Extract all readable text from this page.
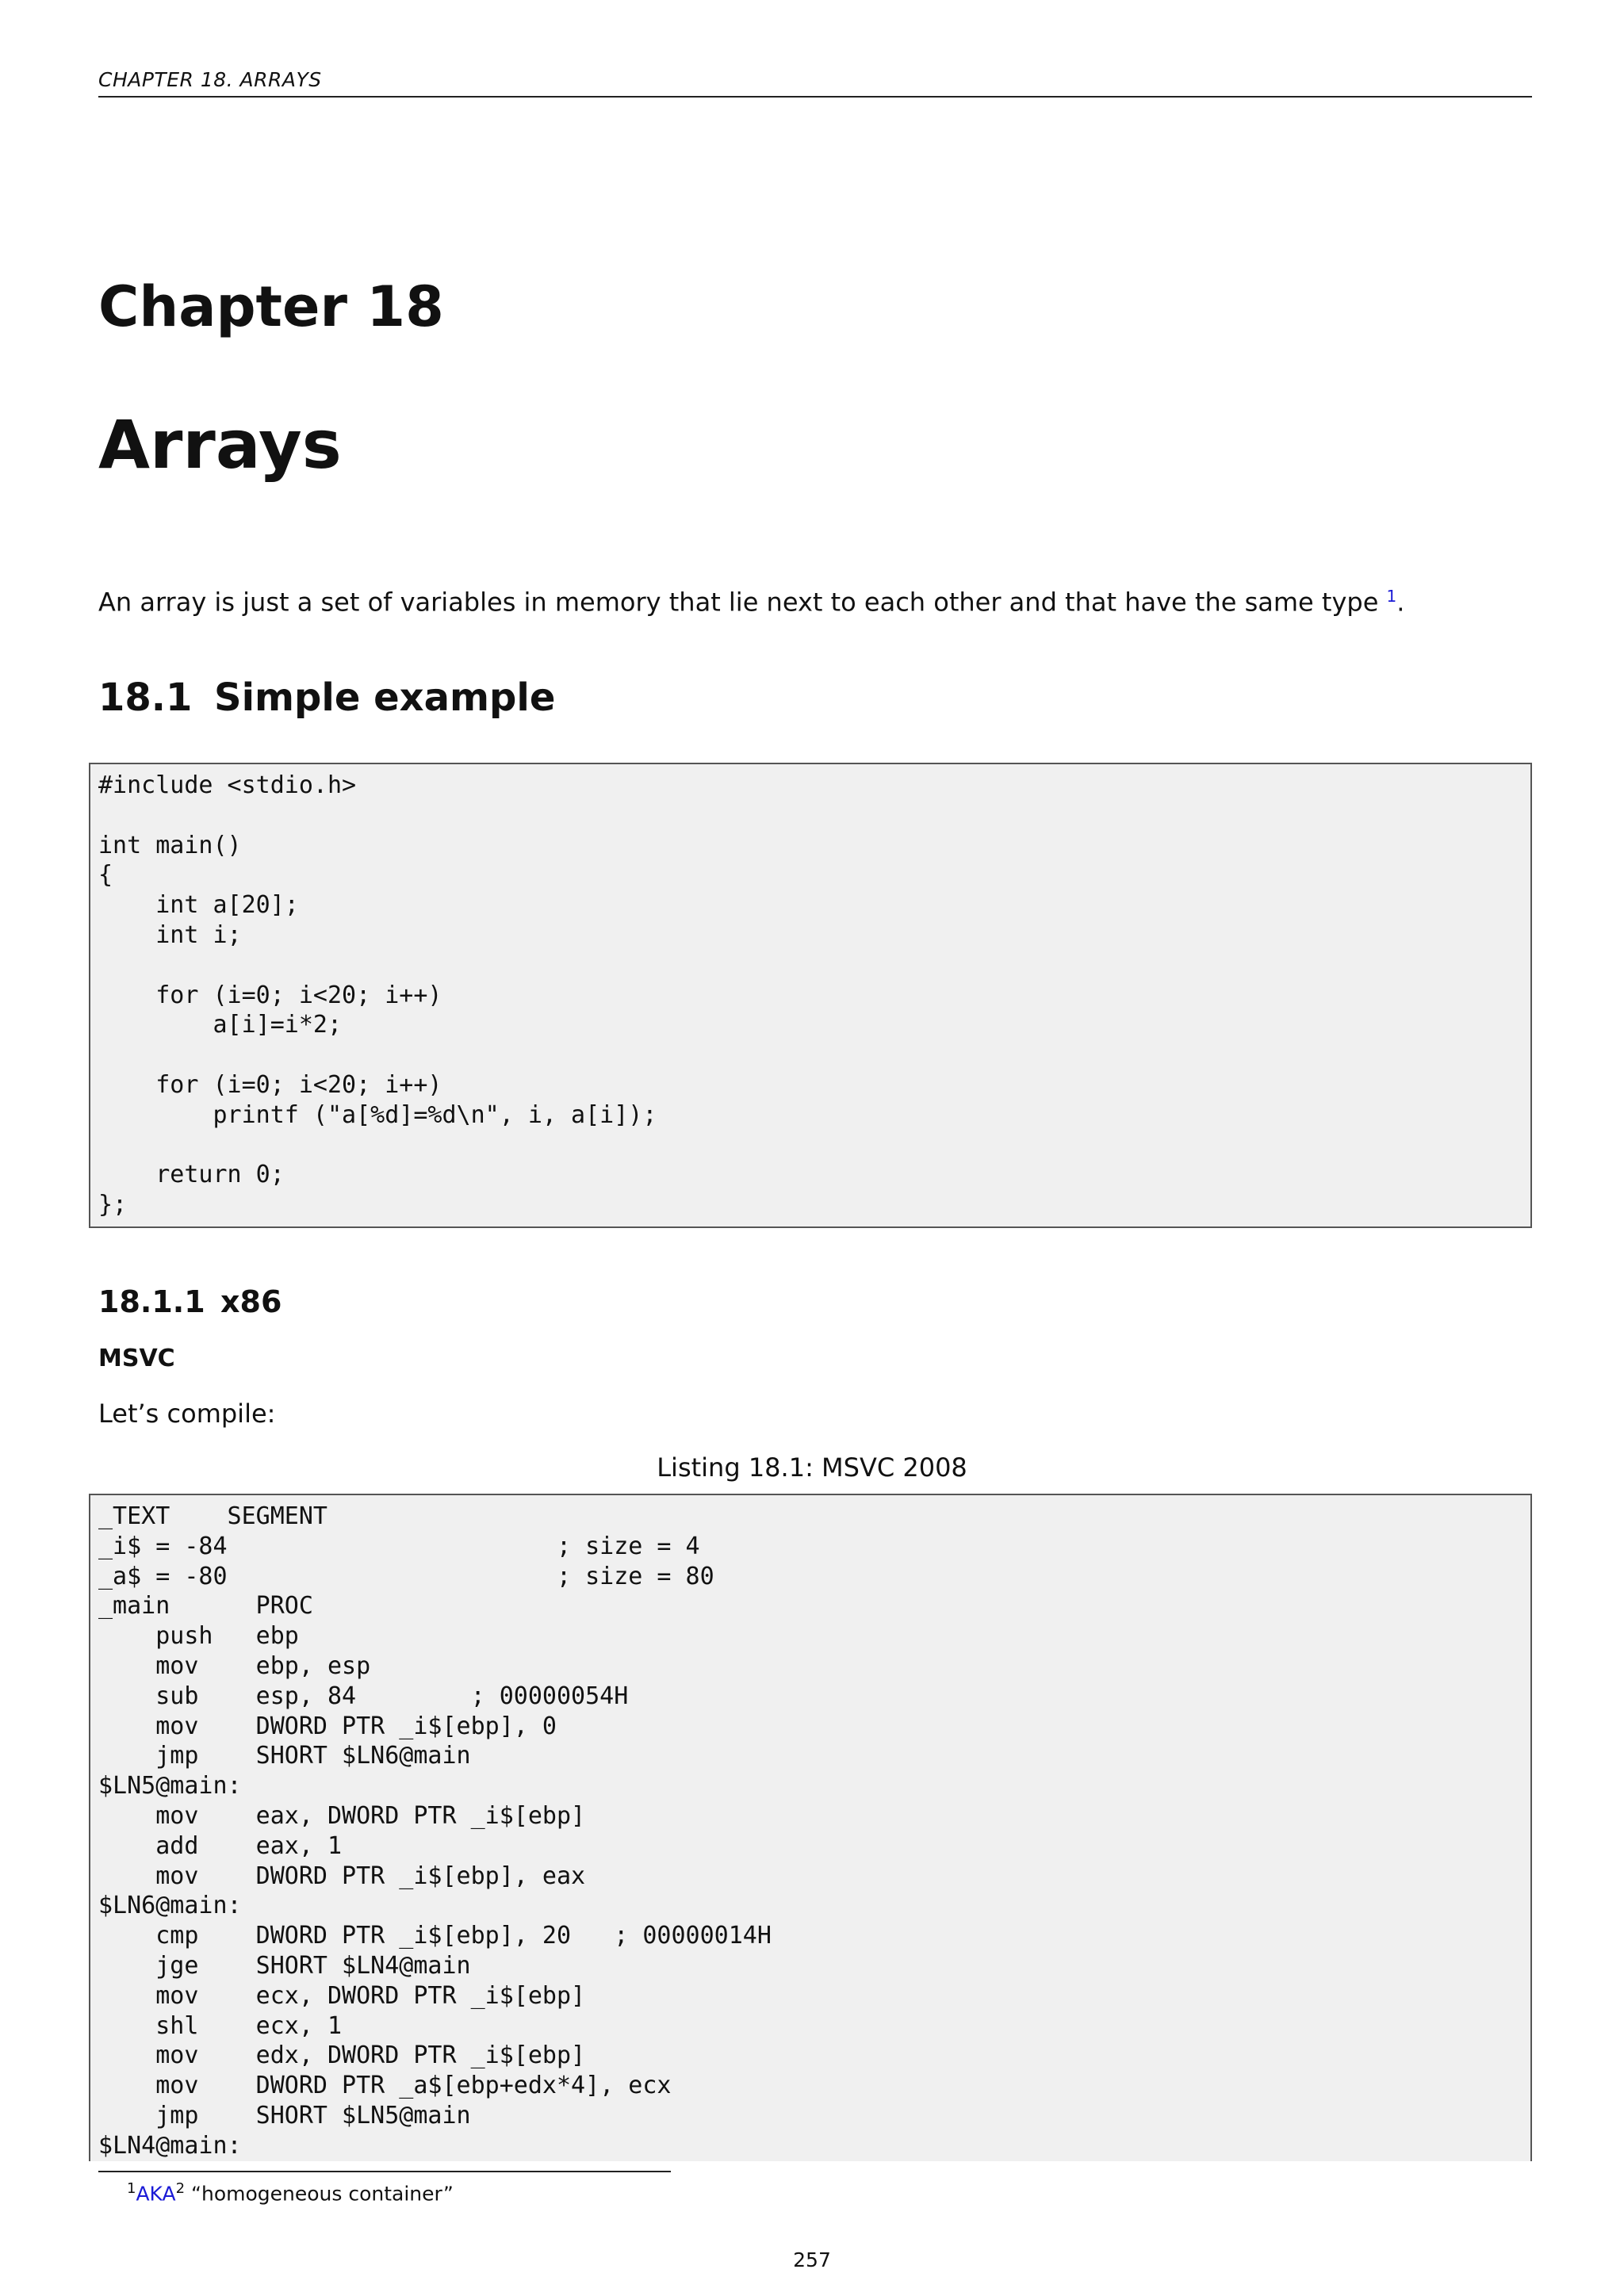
CHAPTER 18. ARRAYS
Chapter 18
Arrays
An array is just a set of variables in memory that lie next to each other and that have the same type $^1$.
18.1 Simple example
#include <stdio.h>
int main()
{
int a[20];
int i;
for (i=0; i<20; i++)
a[i]=i*2;
for (i=0; i<20; i++)
printf ("a[%d]=%d\n", i, a[i]);
return 0;
};
18.1.1 x86
MSVC
Let’s compile:
Listing 18.1: MSVC 2008
_TEXT    SEGMENT
_i$ = -84                       ; size = 4
_a$ = -80                       ; size = 80
_main      PROC
push   ebp
mov    ebp, esp
sub    esp, 84        ; 00000054H
mov    DWORD PTR _i$[ebp], 0
jmp    SHORT $LN6@main
$LN5@main:
mov    eax, DWORD PTR _i$[ebp]
add    eax, 1
mov    DWORD PTR _i$[ebp], eax
$LN6@main:
cmp    DWORD PTR _i$[ebp], 20   ; 00000014H
jge    SHORT $LN4@main
mov    ecx, DWORD PTR _i$[ebp]
shl    ecx, 1
mov    edx, DWORD PTR _i$[ebp]
mov    DWORD PTR _a$[ebp+edx*4], ecx
jmp    SHORT $LN5@main
$LN4@main:
$^1$AKA$^2$ “homogeneous container”
257
